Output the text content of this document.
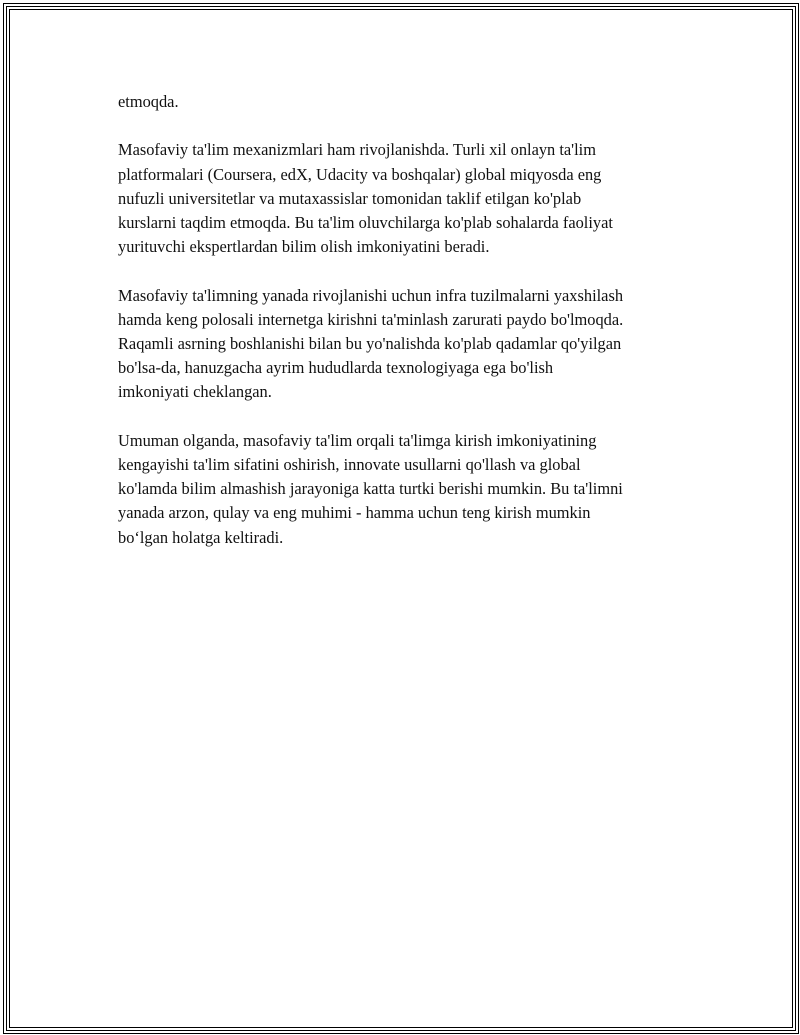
etmoqda.

Masofaviy ta'lim mexanizmlari ham rivojlanishda. Turli xil onlayn ta'lim
platformalari (Coursera, edX, Udacity va boshqalar) global miqyosda eng
nufuzli universitetlar va mutaxassislar tomonidan taklif etilgan ko'plab
kurslarni taqdim etmoqda. Bu ta'lim oluvchilarga ko'plab sohalarda faoliyat
yurituvchi ekspertlardan bilim olish imkoniyatini beradi.

Masofaviy ta'limning yanada rivojlanishi uchun infra tuzilmalarni yaxshilash
hamda keng polosali internetga kirishni ta'minlash zarurati paydo bo'lmoqda.
Raqamli asrning boshlanishi bilan bu yo'nalishda ko'plab qadamlar qo'yilgan
bo'lsa-da, hanuzgacha ayrim hududlarda texnologiyaga ega bo'lish
imkoniyati cheklangan.

Umuman olganda, masofaviy ta'lim orqali ta'limga kirish imkoniyatining
kengayishi ta'lim sifatini oshirish, innovate usullarni qo'llash va global
ko'lamda bilim almashish jarayoniga katta turtki berishi mumkin. Bu ta'limni
yanada arzon, qulay va eng muhimi - hamma uchun teng kirish mumkin
bo‘lgan holatga keltiradi.
